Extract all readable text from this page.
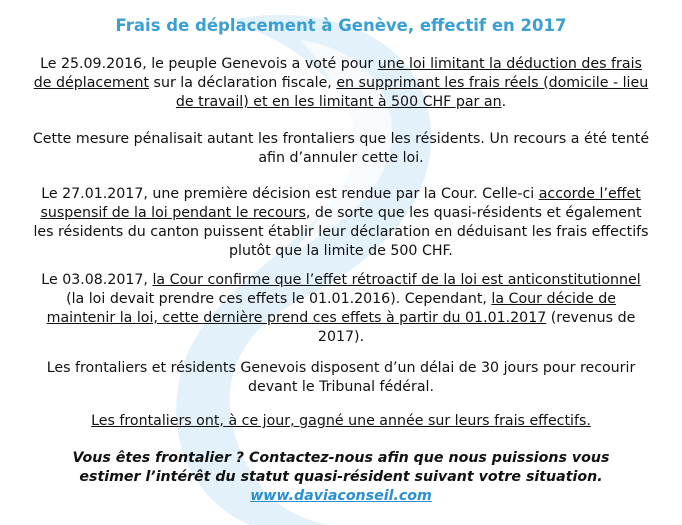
Frais de déplacement à Genève, effectif en 2017
Le 25.09.2016, le peuple Genevois a voté pour une loi limitant la déduction des frais de déplacement sur la déclaration fiscale, en supprimant les frais réels (domicile - lieu de travail) et en les limitant à 500 CHF par an.
Cette mesure pénalisait autant les frontaliers que les résidents. Un recours a été tenté afin d’annuler cette loi.
Le 27.01.2017, une première décision est rendue par la Cour. Celle-ci accorde l’effet suspensif de la loi pendant le recours, de sorte que les quasi-résidents et également les résidents du canton puissent établir leur déclaration en déduisant les frais effectifs plutôt que la limite de 500 CHF.
Le 03.08.2017, la Cour confirme que l’effet rétroactif de la loi est anticonstitutionnel (la loi devait prendre ces effets le 01.01.2016). Cependant, la Cour décide de maintenir la loi, cette dernière prend ces effets à partir du 01.01.2017 (revenus de 2017).
Les frontaliers et résidents Genevois disposent d’un délai de 30 jours pour recourir devant le Tribunal fédéral.
Les frontaliers ont, à ce jour, gagné une année sur leurs frais effectifs.
Vous êtes frontalier ? Contactez-nous afin que nous puissions vous
estimer l’intérêt du statut quasi-résident suivant votre situation.
www.daviaconseil.com
